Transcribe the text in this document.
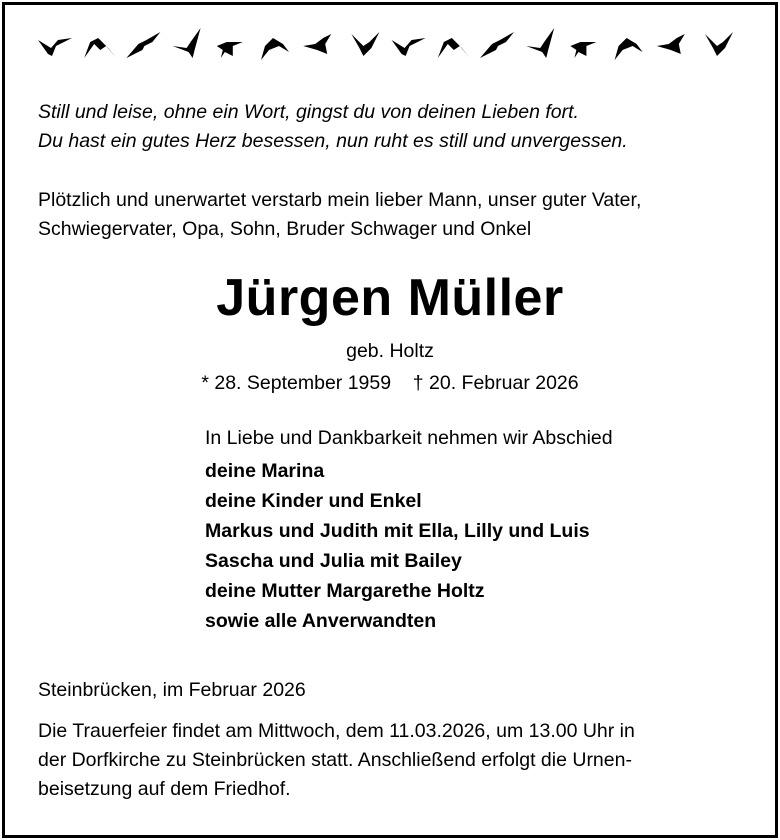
Still und leise, ohne ein Wort, gingst du von deinen Lieben fort.
Du hast ein gutes Herz besessen, nun ruht es still und unvergessen.
Plötzlich und unerwartet verstarb mein lieber Mann, unser guter Vater,
Schwiegervater, Opa, Sohn, Bruder Schwager und Onkel
Jürgen Müller
geb. Holtz
* 28. September 1959 † 20. Februar 2026
In Liebe und Dankbarkeit nehmen wir Abschied
deine Marina
deine Kinder und Enkel
Markus und Judith mit Ella, Lilly und Luis
Sascha und Julia mit Bailey
deine Mutter Margarethe Holtz
sowie alle Anverwandten
Steinbrücken, im Februar 2026
Die Trauerfeier findet am Mittwoch, dem 11.03.2026, um 13.00 Uhr in
der Dorfkirche zu Steinbrücken statt. Anschließend erfolgt die Urnen-
beisetzung auf dem Friedhof.
